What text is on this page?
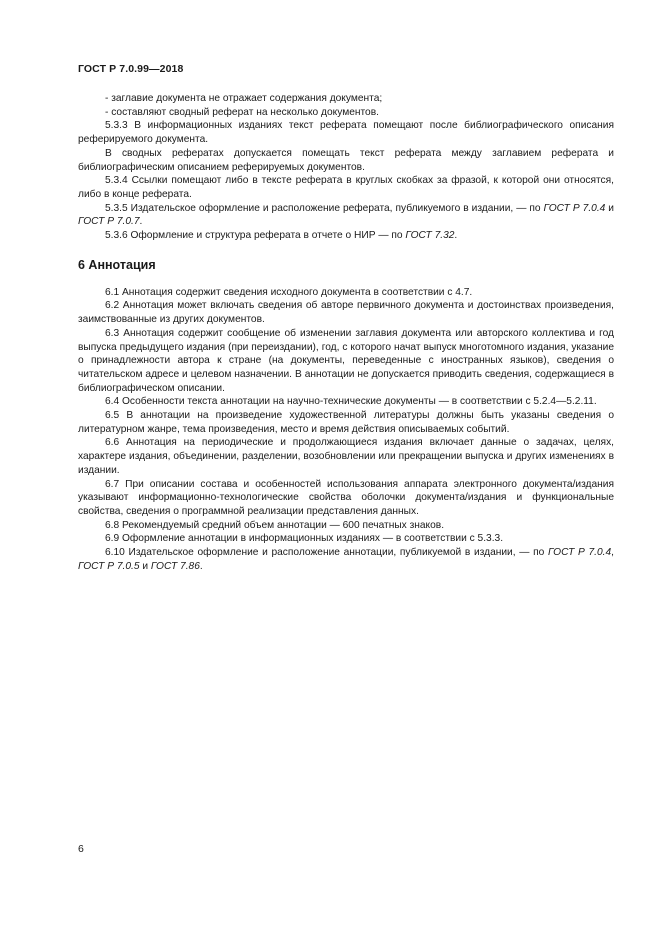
ГОСТ Р 7.0.99—2018

- заглавие документа не отражает содержания документа;

- составляют сводный реферат на несколько документов.

5.3.3 В информационных изданиях текст реферата помещают после библиографического описания реферируемого документа.

В сводных рефератах допускается помещать текст реферата между заглавием реферата и библиографическим описанием реферируемых документов.

5.3.4 Ссылки помещают либо в тексте реферата в круглых скобках за фразой, к которой они относятся, либо в конце реферата.

5.3.5 Издательское оформление и расположение реферата, публикуемого в издании, — по ГОСТ Р 7.0.4 и ГОСТ Р 7.0.7.

5.3.6 Оформление и структура реферата в отчете о НИР — по ГОСТ 7.32.

6 Аннотация

6.1 Аннотация содержит сведения исходного документа в соответствии с 4.7.

6.2 Аннотация может включать сведения об авторе первичного документа и достоинствах произведения, заимствованные из других документов.

6.3 Аннотация содержит сообщение об изменении заглавия документа или авторского коллектива и год выпуска предыдущего издания (при переиздании), год, с которого начат выпуск многотомного издания, указание о принадлежности автора к стране (на документы, переведенные с иностранных языков), сведения о читательском адресе и целевом назначении. В аннотации не допускается приводить сведения, содержащиеся в библиографическом описании.

6.4 Особенности текста аннотации на научно-технические документы — в соответствии с 5.2.4—5.2.11.

6.5 В аннотации на произведение художественной литературы должны быть указаны сведения о литературном жанре, тема произведения, место и время действия описываемых событий.

6.6 Аннотация на периодические и продолжающиеся издания включает данные о задачах, целях, характере издания, объединении, разделении, возобновлении или прекращении выпуска и других изменениях в издании.

6.7 При описании состава и особенностей использования аппарата электронного документа/издания указывают информационно-технологические свойства оболочки документа/издания и функциональные свойства, сведения о программной реализации представления данных.

6.8 Рекомендуемый средний объем аннотации — 600 печатных знаков.

6.9 Оформление аннотации в информационных изданиях — в соответствии с 5.3.3.

6.10 Издательское оформление и расположение аннотации, публикуемой в издании, — по ГОСТ Р 7.0.4, ГОСТ Р 7.0.5 и ГОСТ 7.86.

6
